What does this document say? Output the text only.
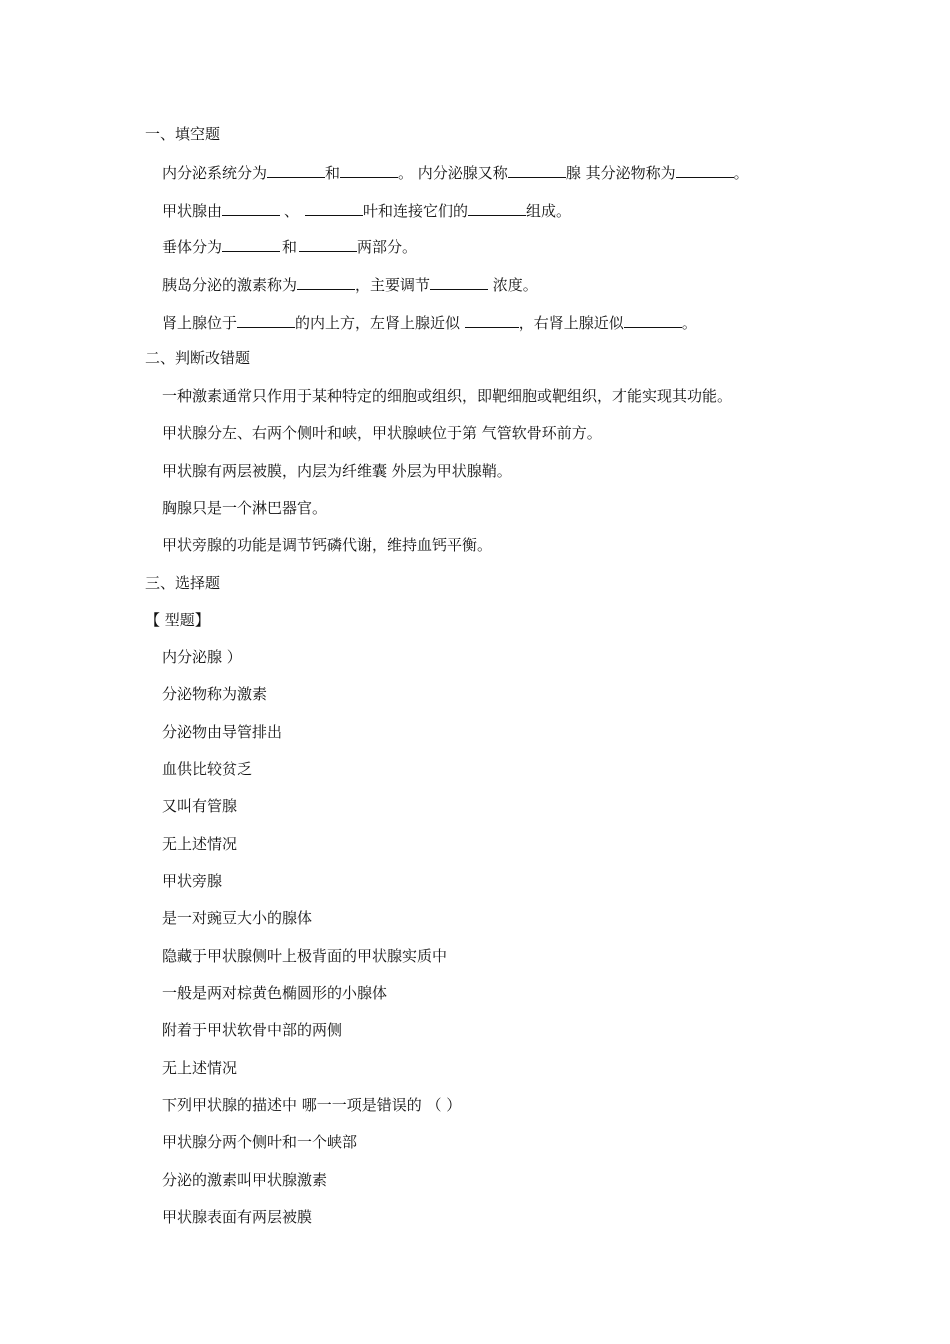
一、填空题
内分泌系统分为	和	。 内分泌腺又称	腺 其分泌物称为	。
甲状腺由	、	叶和连接它们的	组成。
垂体分为	和	两部分。
胰岛分泌的激素称为	，主要调节	浓度。
肾上腺位于	的内上方，左肾上腺近似	，右肾上腺近似	。
二、判断改错题
一种激素通常只作用于某种特定的细胞或组织，即靶细胞或靶组织，才能实现其功能。
甲状腺分左、右两个侧叶和峡，甲状腺峡位于第 气管软骨环前方。
甲状腺有两层被膜，内层为纤维囊 外层为甲状腺鞘。
胸腺只是一个淋巴器官。
甲状旁腺的功能是调节钙磷代谢，维持血钙平衡。
三、选择题
【 型题】
内分泌腺 ）
分泌物称为激素
分泌物由导管排出
血供比较贫乏
又叫有管腺
无上述情况
甲状旁腺
是一对豌豆大小的腺体
隐藏于甲状腺侧叶上极背面的甲状腺实质中
一般是两对棕黄色椭圆形的小腺体
附着于甲状软骨中部的两侧
无上述情况
下列甲状腺的描述中 哪一一项是错误的 （ ）
甲状腺分两个侧叶和一个峡部
分泌的激素叫甲状腺激素
甲状腺表面有两层被膜
